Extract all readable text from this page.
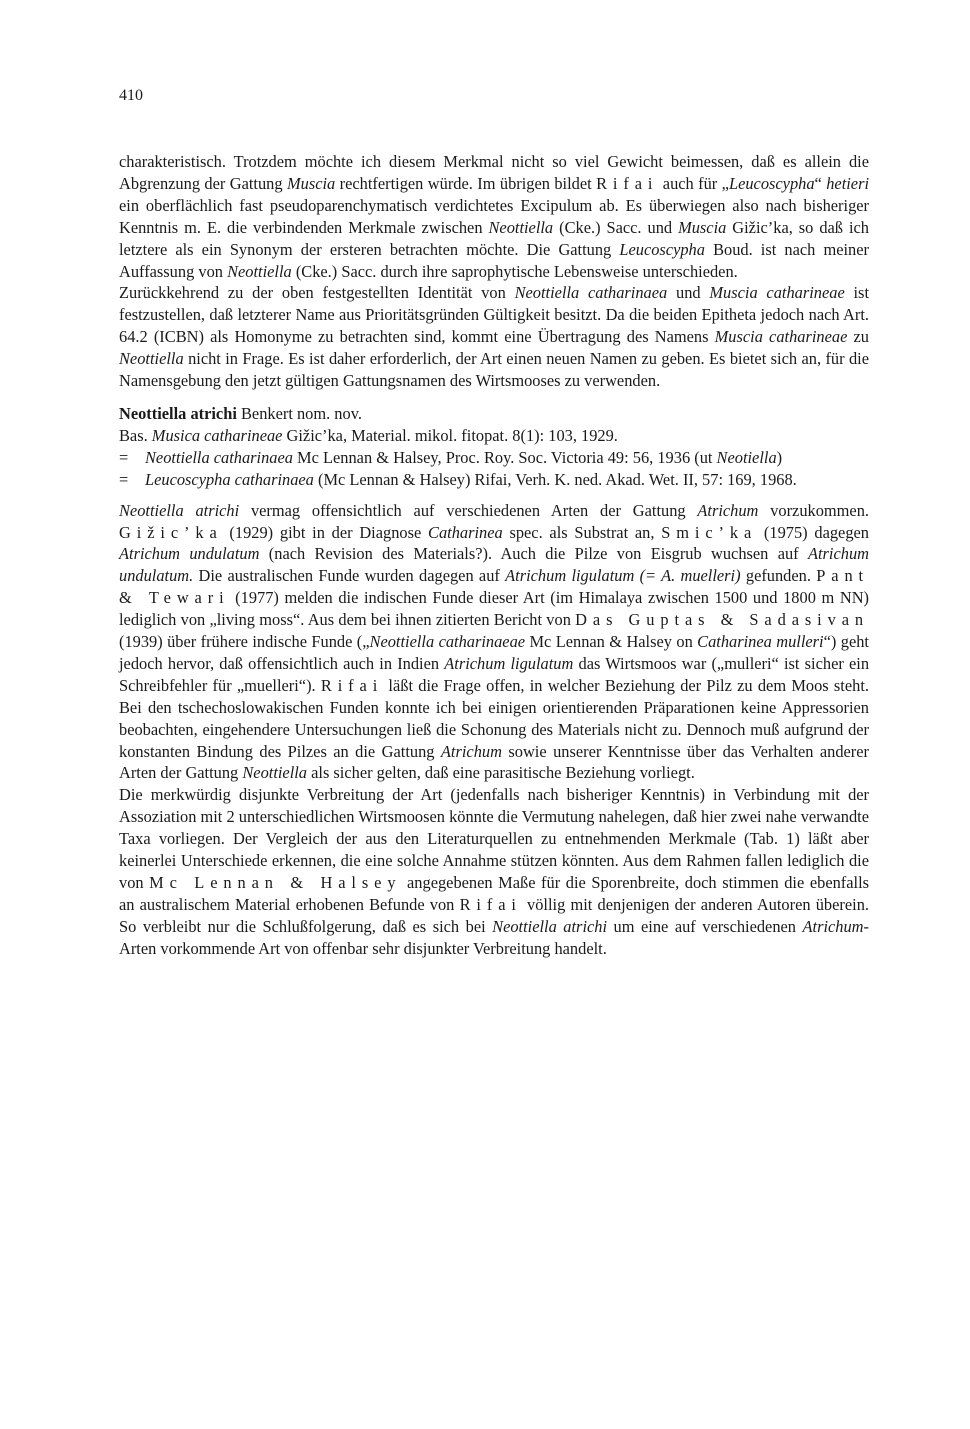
410

charakteristisch. Trotzdem möchte ich diesem Merkmal nicht so viel Gewicht beimessen, daß es allein die Abgrenzung der Gattung Muscia rechtfertigen würde. Im übrigen bildet Rifai auch für „Leucoscypha“ hetieri ein oberflächlich fast pseudoparenchymatisch verdichtetes Excipulum ab. Es überwiegen also nach bisheriger Kenntnis m. E. die verbindenden Merkmale zwischen Neottiella (Cke.) Sacc. und Muscia Gižic’ka, so daß ich letztere als ein Synonym der ersteren betrachten möchte. Die Gattung Leucoscypha Boud. ist nach meiner Auffassung von Neottiella (Cke.) Sacc. durch ihre saprophytische Lebensweise unterschieden.

Zurückkehrend zu der oben festgestellten Identität von Neottiella catharinaea und Muscia catharineae ist festzustellen, daß letzterer Name aus Prioritätsgründen Gültigkeit besitzt. Da die beiden Epitheta jedoch nach Art. 64.2 (ICBN) als Homonyme zu betrachten sind, kommt eine Übertragung des Namens Muscia catharineae zu Neottiella nicht in Frage. Es ist daher erforderlich, der Art einen neuen Namen zu geben. Es bietet sich an, für die Namensgebung den jetzt gültigen Gattungsnamen des Wirtsmooses zu verwenden.

Neottiella atrichi Benkert nom. nov.

Bas. Musica catharineae Gižic’ka, Material. mikol. fitopat. 8(1): 103, 1929.

=	Neottiella catharinaea Mc Lennan & Halsey, Proc. Roy. Soc. Victoria 49: 56, 1936 (ut Neotiella)
=	Leucoscypha catharinaea (Mc Lennan & Halsey) Rifai, Verh. K. ned. Akad. Wet. II, 57: 169, 1968.

Neottiella atrichi vermag offensichtlich auf verschiedenen Arten der Gattung Atrichum vorzukommen. Gižic’ka (1929) gibt in der Diagnose Catharinea spec. als Substrat an, Smic’ka (1975) dagegen Atrichum undulatum (nach Revision des Materials?). Auch die Pilze von Eisgrub wuchsen auf Atrichum undulatum. Die australischen Funde wurden dagegen auf Atrichum ligulatum (= A. muelleri) gefunden. Pant & Tewari (1977) melden die indischen Funde dieser Art (im Himalaya zwischen 1500 und 1800 m NN) lediglich von „living moss“. Aus dem bei ihnen zitierten Bericht von Das Guptas & Sadasivan (1939) über frühere indische Funde („Neottiella catharinaeae Mc Lennan & Halsey on Catharinea mulleri“) geht jedoch hervor, daß offensichtlich auch in Indien Atrichum ligulatum das Wirtsmoos war („mulleri“ ist sicher ein Schreibfehler für „muelleri“). Rifai läßt die Frage offen, in welcher Beziehung der Pilz zu dem Moos steht. Bei den tschechoslowakischen Funden konnte ich bei einigen orientierenden Präparationen keine Appressorien beobachten, eingehendere Untersuchungen ließ die Schonung des Materials nicht zu. Dennoch muß aufgrund der konstanten Bindung des Pilzes an die Gattung Atrichum sowie unserer Kenntnisse über das Verhalten anderer Arten der Gattung Neottiella als sicher gelten, daß eine parasitische Beziehung vorliegt.

Die merkwürdig disjunkte Verbreitung der Art (jedenfalls nach bisheriger Kenntnis) in Verbindung mit der Assoziation mit 2 unterschiedlichen Wirtsmoosen könnte die Vermutung nahelegen, daß hier zwei nahe verwandte Taxa vorliegen. Der Vergleich der aus den Literaturquellen zu entnehmenden Merkmale (Tab. 1) läßt aber keinerlei Unterschiede erkennen, die eine solche Annahme stützen könnten. Aus dem Rahmen fallen lediglich die von Mc Lennan & Halsey angegebenen Maße für die Sporenbreite, doch stimmen die ebenfalls an australischem Material erhobenen Befunde von Rifai völlig mit denjenigen der anderen Autoren überein. So verbleibt nur die Schlußfolgerung, daß es sich bei Neottiella atrichi um eine auf verschiedenen Atrichum-Arten vorkommende Art von offenbar sehr disjunkter Verbreitung handelt.
